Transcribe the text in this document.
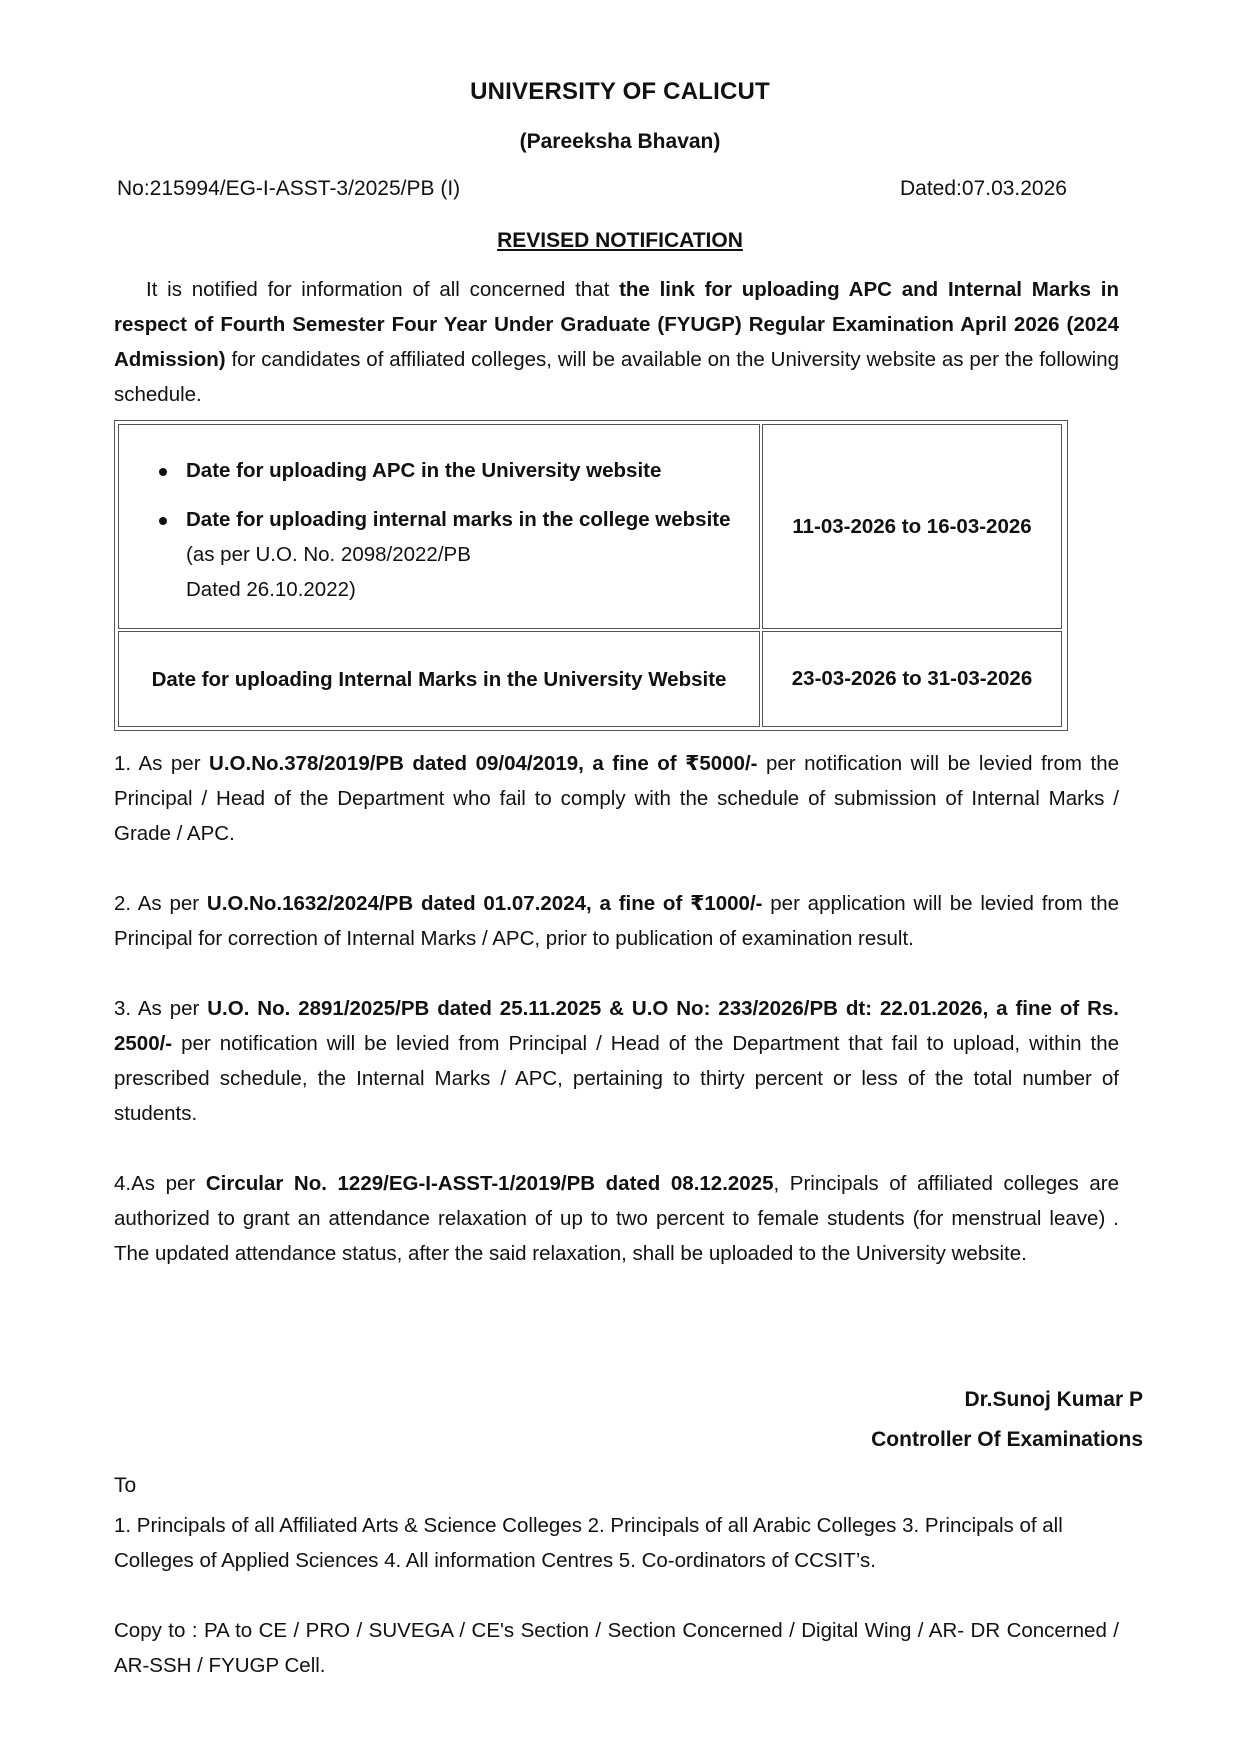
UNIVERSITY OF CALICUT
(Pareeksha Bhavan)
No:215994/EG-I-ASST-3/2025/PB (I)	Dated:07.03.2026
REVISED NOTIFICATION
It is notified for information of all concerned that the link for uploading APC and Internal Marks in respect of Fourth Semester Four Year Under Graduate (FYUGP) Regular Examination April 2026 (2024 Admission) for candidates of affiliated colleges, will be available on the University website as per the following schedule.
Date for uploading APC in the University website
Date for uploading internal marks in the college website (as per U.O. No. 2098/2022/PB
Dated 26.10.2022)
11-03-2026 to 16-03-2026
Date for uploading Internal Marks in the University Website	23-03-2026 to 31-03-2026
1. As per U.O.No.378/2019/PB dated 09/04/2019, a fine of ₹5000/- per notification will be levied from the Principal / Head of the Department who fail to comply with the schedule of submission of Internal Marks / Grade / APC.
2. As per U.O.No.1632/2024/PB dated 01.07.2024, a fine of ₹1000/- per application will be levied from the Principal for correction of Internal Marks / APC, prior to publication of examination result.
3. As per U.O. No. 2891/2025/PB dated 25.11.2025 & U.O No: 233/2026/PB dt: 22.01.2026, a fine of Rs. 2500/- per notification will be levied from Principal / Head of the Department that fail to upload, within the prescribed schedule, the Internal Marks / APC, pertaining to thirty percent or less of the total number of students.
4.As per Circular No. 1229/EG-I-ASST-1/2019/PB dated 08.12.2025, Principals of affiliated colleges are authorized to grant an attendance relaxation of up to two percent to female students (for menstrual leave) . The updated attendance status, after the said relaxation, shall be uploaded to the University website.
Dr.Sunoj Kumar P
Controller Of Examinations
To
1. Principals of all Affiliated Arts & Science Colleges 2. Principals of all Arabic Colleges 3. Principals of all Colleges of Applied Sciences 4. All information Centres 5. Co-ordinators of CCSIT’s.
Copy to : PA to CE / PRO / SUVEGA / CE's Section / Section Concerned / Digital Wing / AR- DR Concerned / AR-SSH / FYUGP Cell.
